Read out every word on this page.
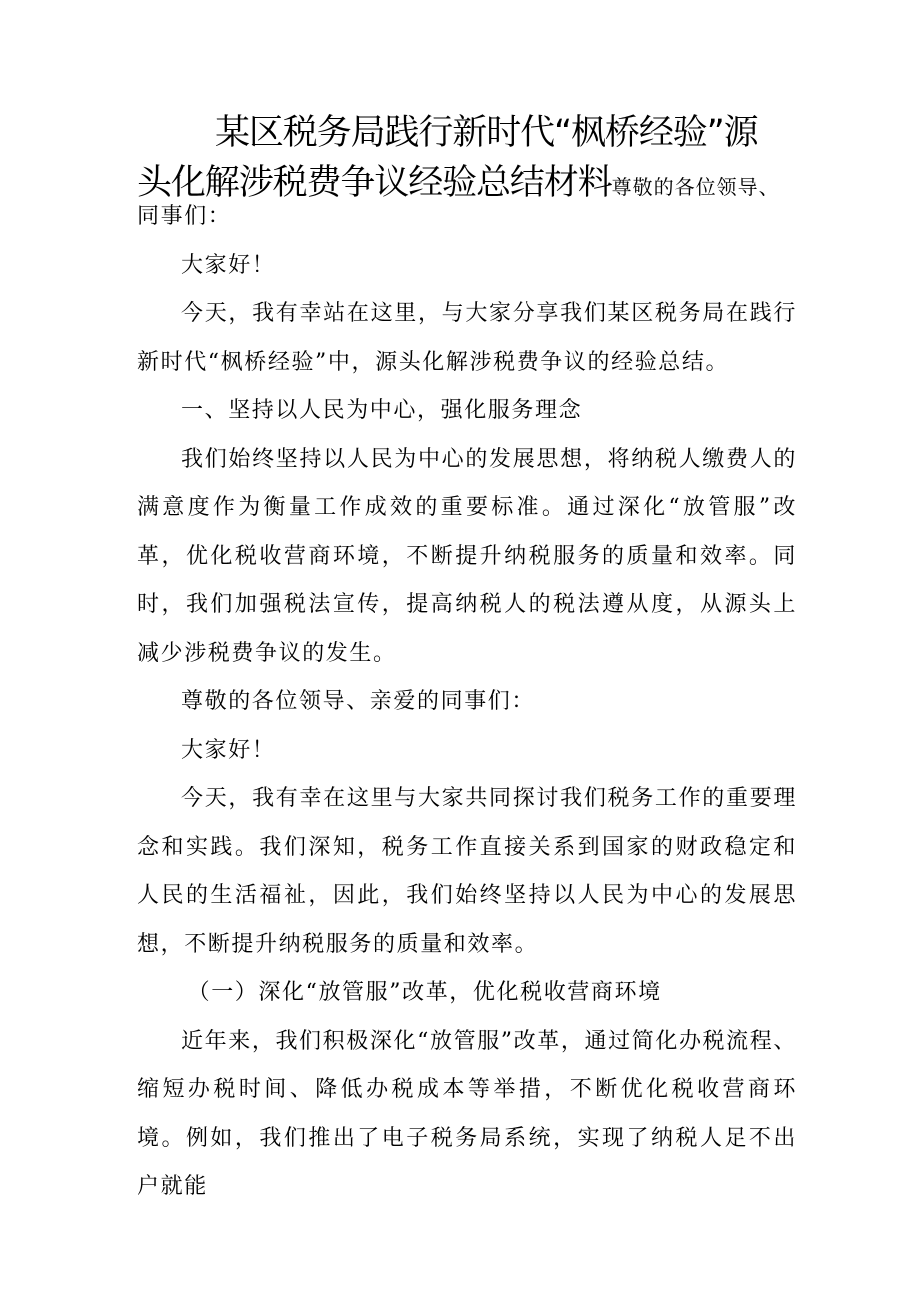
某区税务局践行新时代“枫桥经验”源
头化解涉税费争议经验总结材料尊敬的各位领导、

同事们：

大家好！

今天，我有幸站在这里，与大家分享我们某区税务局在践行新时代“枫桥经验”中，源头化解涉税费争议的经验总结。

一、坚持以人民为中心，强化服务理念

我们始终坚持以人民为中心的发展思想，将纳税人缴费人的满意度作为衡量工作成效的重要标准。通过深化“放管服”改革，优化税收营商环境，不断提升纳税服务的质量和效率。同时，我们加强税法宣传，提高纳税人的税法遵从度，从源头上减少涉税费争议的发生。

尊敬的各位领导、亲爱的同事们：

大家好！

今天，我有幸在这里与大家共同探讨我们税务工作的重要理念和实践。我们深知，税务工作直接关系到国家的财政稳定和人民的生活福祉，因此，我们始终坚持以人民为中心的发展思想，不断提升纳税服务的质量和效率。

（一）深化“放管服”改革，优化税收营商环境

近年来，我们积极深化“放管服”改革，通过简化办税流程、缩短办税时间、降低办税成本等举措，不断优化税收营商环境。例如，我们推出了电子税务局系统，实现了纳税人足不出户就能
